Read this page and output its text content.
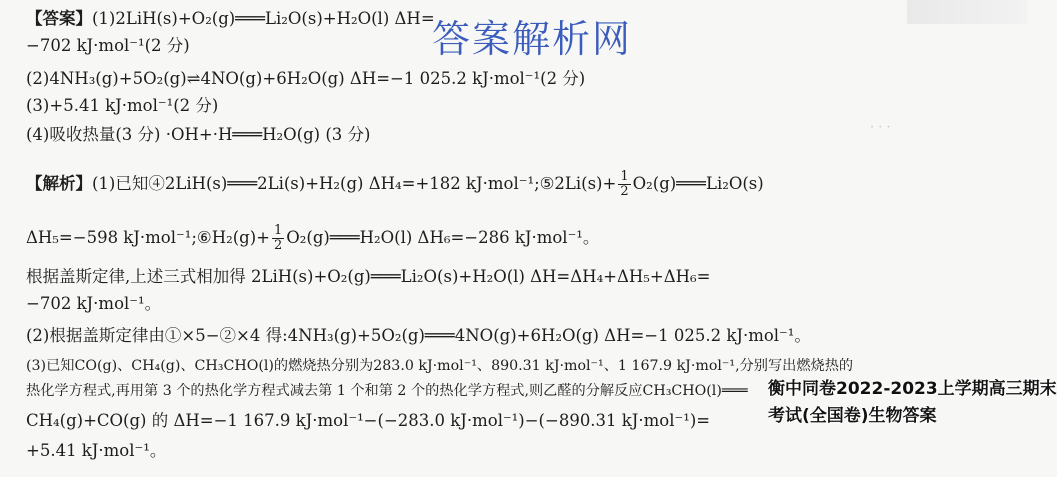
· · ·
【答案】(1)2LiH(s)+O₂(g)═══Li₂O(s)+H₂O(l) ΔH=
−702 kJ·mol⁻¹(2 分)
(2)4NH₃(g)+5O₂(g)⇌4NO(g)+6H₂O(g) ΔH=−1 025.2 kJ·mol⁻¹(2 分)
(3)+5.41 kJ·mol⁻¹(2 分)
(4)吸收热量(3 分) ·OH+·H═══H₂O(g) (3 分)
【解析】(1)已知④2LiH(s)═══2Li(s)+H₂(g) ΔH₄=+182 kJ·mol⁻¹;⑤2Li(s)+ $\frac{1}{2}$ O₂(g)═══Li₂O(s)
ΔH₅=−598 kJ·mol⁻¹;⑥H₂(g)+ $\frac{1}{2}$ O₂(g)═══H₂O(l) ΔH₆=−286 kJ·mol⁻¹。
根据盖斯定律,上述三式相加得 2LiH(s)+O₂(g)═══Li₂O(s)+H₂O(l) ΔH=ΔH₄+ΔH₅+ΔH₆=
−702 kJ·mol⁻¹。
(2)根据盖斯定律由①×5−②×4 得:4NH₃(g)+5O₂(g)═══4NO(g)+6H₂O(g) ΔH=−1 025.2 kJ·mol⁻¹。
(3)已知CO(g)、CH₄(g)、CH₃CHO(l)的燃烧热分别为283.0 kJ·mol⁻¹、890.31 kJ·mol⁻¹、1 167.9 kJ·mol⁻¹,分别写出燃烧热的
热化学方程式,再用第 3 个的热化学方程式减去第 1 个和第 2 个的热化学方程式,则乙醛的分解反应CH₃CHO(l)═══
CH₄(g)+CO(g) 的 ΔH=−1 167.9 kJ·mol⁻¹−(−283.0 kJ·mol⁻¹)−(−890.31 kJ·mol⁻¹)=
+5.41 kJ·mol⁻¹。
答案解析网
衡中同卷2022-2023上学期高三期末考试(全国卷)生物答案
